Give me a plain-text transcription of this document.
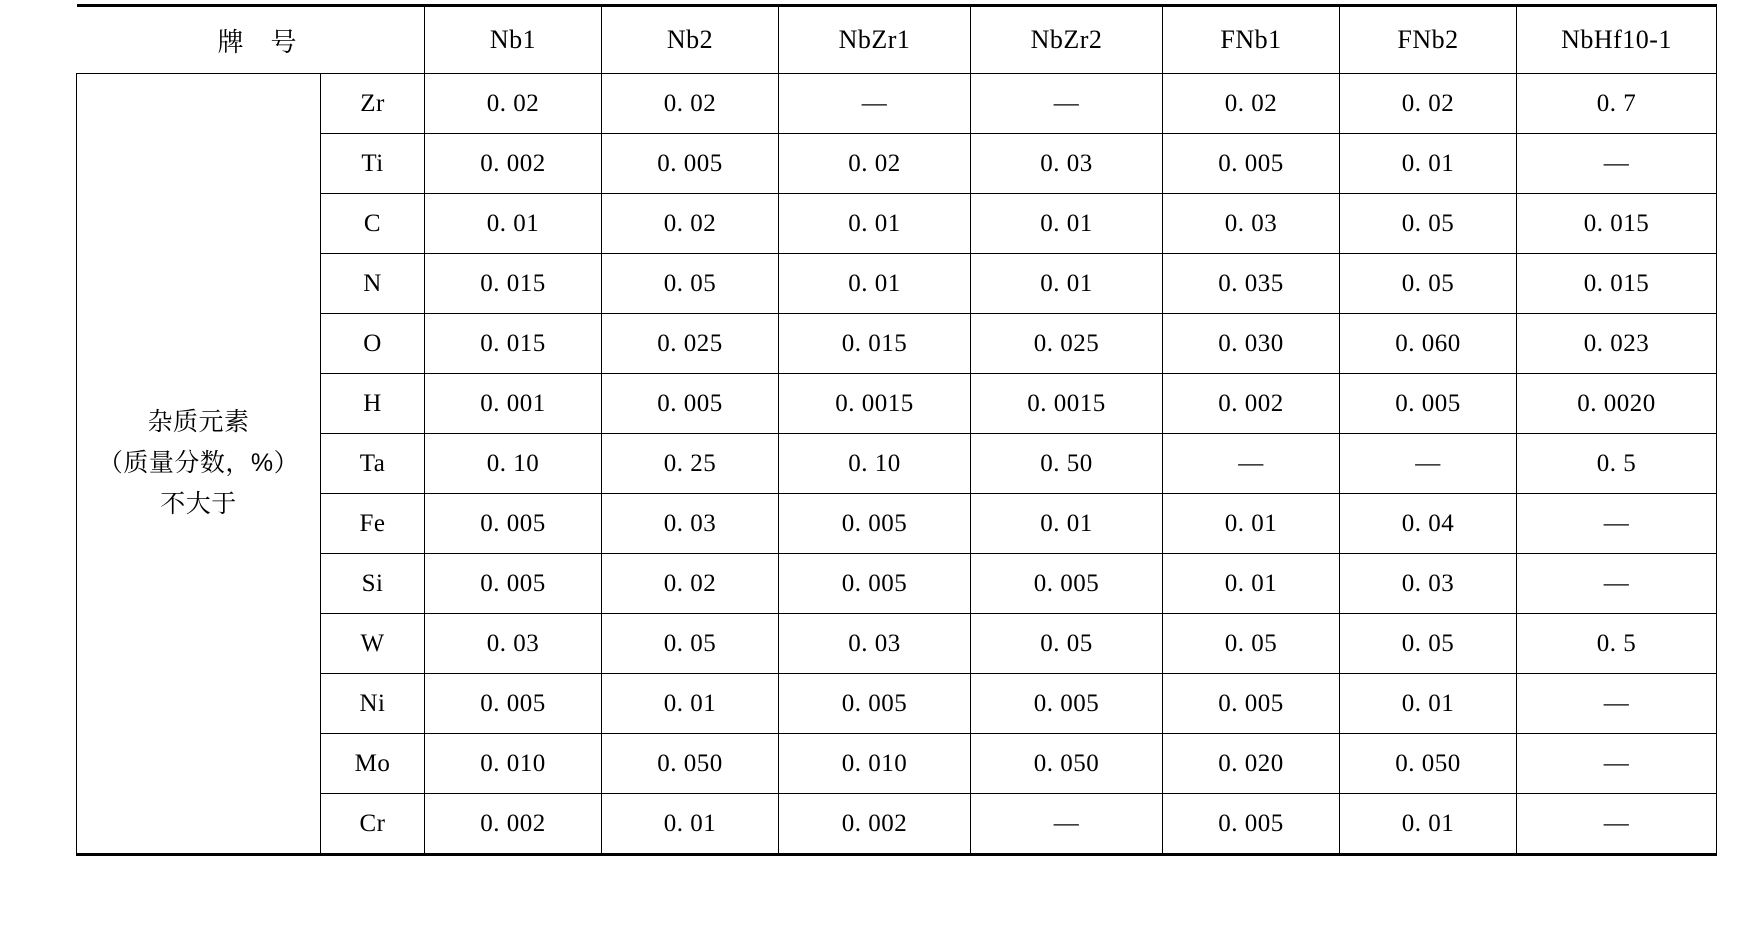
牌　号		Nb1	Nb2	NbZr1	NbZr2	FNb1	FNb2	NbHf10-1

杂质元素
（质量分数，%）
不大于	Zr	0. 02	0. 02	—	—	0. 02	0. 02	0. 7
	Ti	0. 002	0. 005	0. 02	0. 03	0. 005	0. 01	—
	C	0. 01	0. 02	0. 01	0. 01	0. 03	0. 05	0. 015
	N	0. 015	0. 05	0. 01	0. 01	0. 035	0. 05	0. 015
	O	0. 015	0. 025	0. 015	0. 025	0. 030	0. 060	0. 023
	H	0. 001	0. 005	0. 0015	0. 0015	0. 002	0. 005	0. 0020
	Ta	0. 10	0. 25	0. 10	0. 50	—	—	0. 5
	Fe	0. 005	0. 03	0. 005	0. 01	0. 01	0. 04	—
	Si	0. 005	0. 02	0. 005	0. 005	0. 01	0. 03	—
	W	0. 03	0. 05	0. 03	0. 05	0. 05	0. 05	0. 5
	Ni	0. 005	0. 01	0. 005	0. 005	0. 005	0. 01	—
	Mo	0. 010	0. 050	0. 010	0. 050	0. 020	0. 050	—
	Cr	0. 002	0. 01	0. 002	—	0. 005	0. 01	—
